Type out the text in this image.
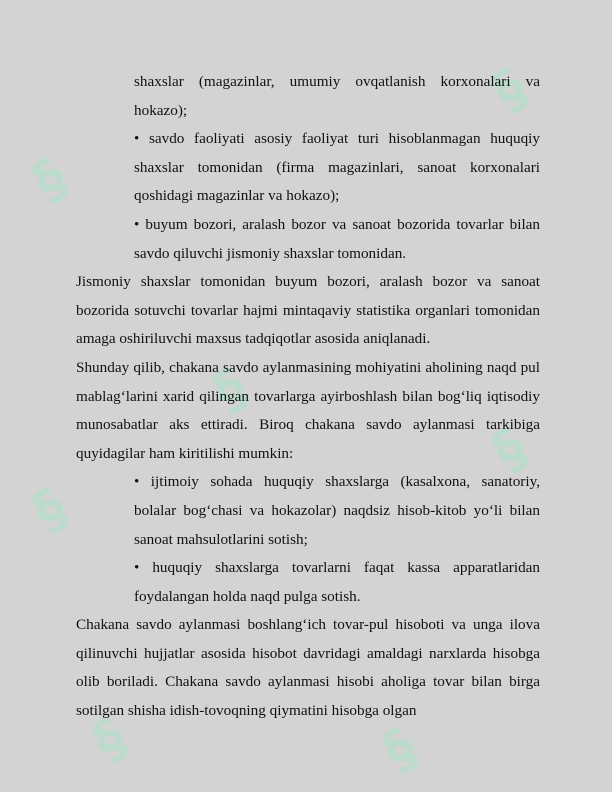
§
§
§
§
§
§	§

shaxslar (magazinlar, umumiy ovqatlanish korxonalari va hokazo);

• savdo faoliyati asosiy faoliyat turi hisoblanmagan huquqiy shaxslar tomonidan (firma magazinlari, sanoat korxonalari qoshidagi magazinlar va hokazo);

• buyum bozori, aralash bozor va sanoat bozorida tovarlar bilan savdo qiluvchi jismoniy shaxslar tomonidan.

Jismoniy shaxslar tomonidan buyum bozori, aralash bozor va sanoat bozorida sotuvchi tovarlar hajmi mintaqaviy statistika organlari tomonidan amaga oshiriluvchi maxsus tadqiqotlar asosida aniqlanadi.

Shunday qilib, chakana savdo aylanmasining mohiyatini aholining naqd pul mablag‘larini xarid qilingan tovarlarga ayirboshlash bilan bog‘liq iqtisodiy munosabatlar aks ettiradi. Biroq chakana savdo aylanmasi tarkibiga quyidagilar ham kiritilishi mumkin:

• ijtimoiy sohada huquqiy shaxslarga (kasalxona, sanatoriy, bolalar bog‘chasi va hokazolar) naqdsiz hisob-kitob yo‘li bilan sanoat mahsulotlarini sotish;

• huquqiy shaxslarga tovarlarni faqat kassa apparatlaridan foydalangan holda naqd pulga sotish.

Chakana savdo aylanmasi boshlang‘ich tovar-pul hisoboti va unga ilova qilinuvchi hujjatlar asosida hisobot davridagi amaldagi narxlarda hisobga olib boriladi. Chakana savdo aylanmasi hisobi aholiga tovar bilan birga sotilgan shisha idish-tovoqning qiymatini hisobga olgan
